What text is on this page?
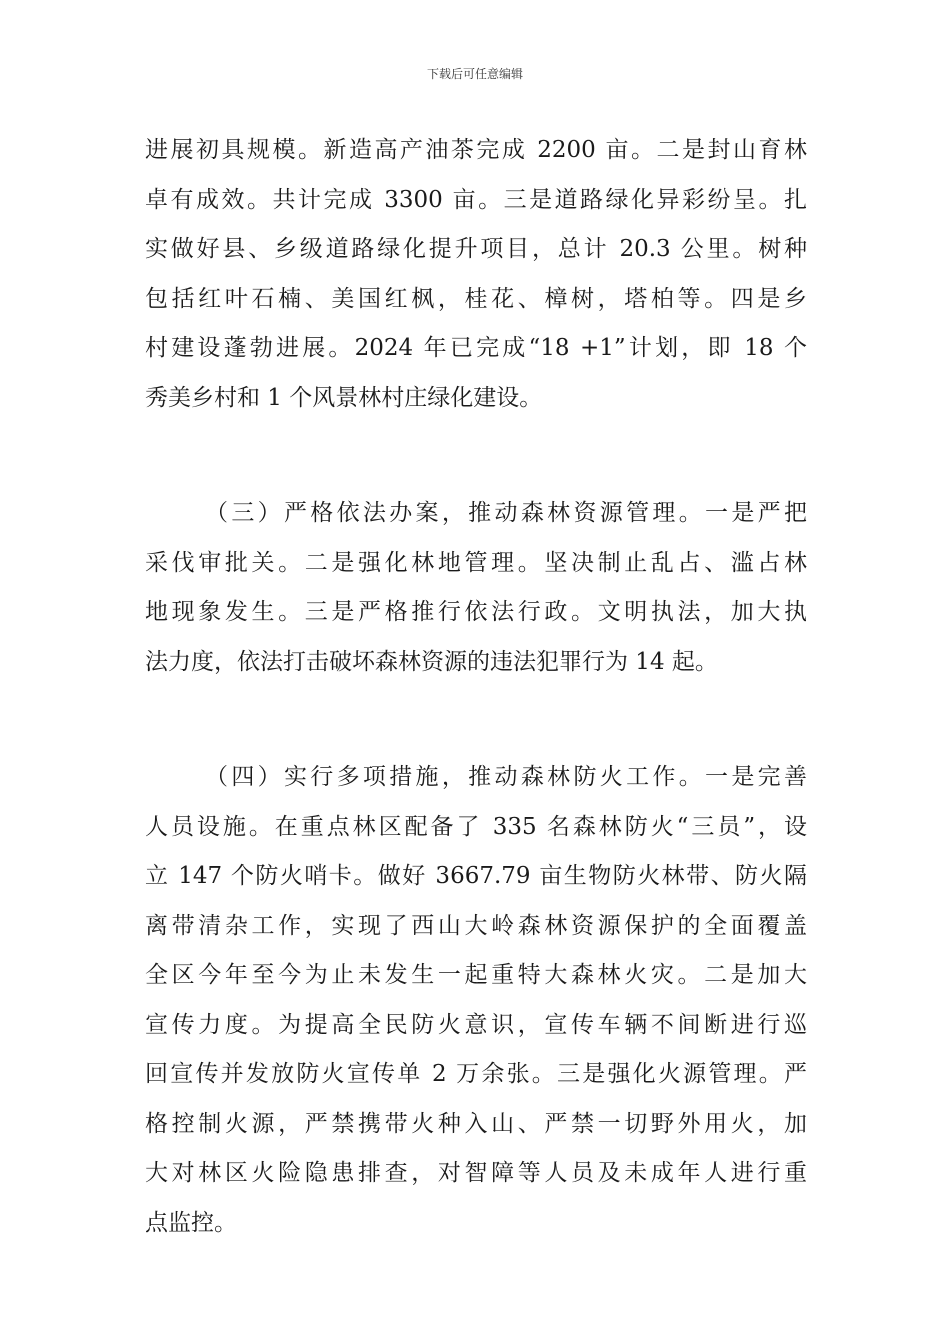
下载后可任意编辑
进展初具规模。新造高产油茶完成 2200 亩。二是封山育林
卓有成效。共计完成 3300 亩。三是道路绿化异彩纷呈。扎
实做好县、乡级道路绿化提升项目，总计 20.3 公里。树种
包括红叶石楠、美国红枫，桂花、樟树，塔柏等。四是乡
村建设蓬勃进展。2024 年已完成“18 +1”计划，即 18 个
秀美乡村和 1 个风景林村庄绿化建设。
（三）严格依法办案，推动森林资源管理。一是严把
采伐审批关。二是强化林地管理。坚决制止乱占、滥占林
地现象发生。三是严格推行依法行政。文明执法，加大执
法力度，依法打击破坏森林资源的违法犯罪行为 14 起。
（四）实行多项措施，推动森林防火工作。一是完善
人员设施。在重点林区配备了 335 名森林防火“三员”，设
立 147 个防火哨卡。做好 3667.79 亩生物防火林带、防火隔
离带清杂工作，实现了西山大岭森林资源保护的全面覆盖
全区今年至今为止未发生一起重特大森林火灾。二是加大
宣传力度。为提高全民防火意识，宣传车辆不间断进行巡
回宣传并发放防火宣传单 2 万余张。三是强化火源管理。严
格控制火源，严禁携带火种入山、严禁一切野外用火，加
大对林区火险隐患排查，对智障等人员及未成年人进行重
点监控。
